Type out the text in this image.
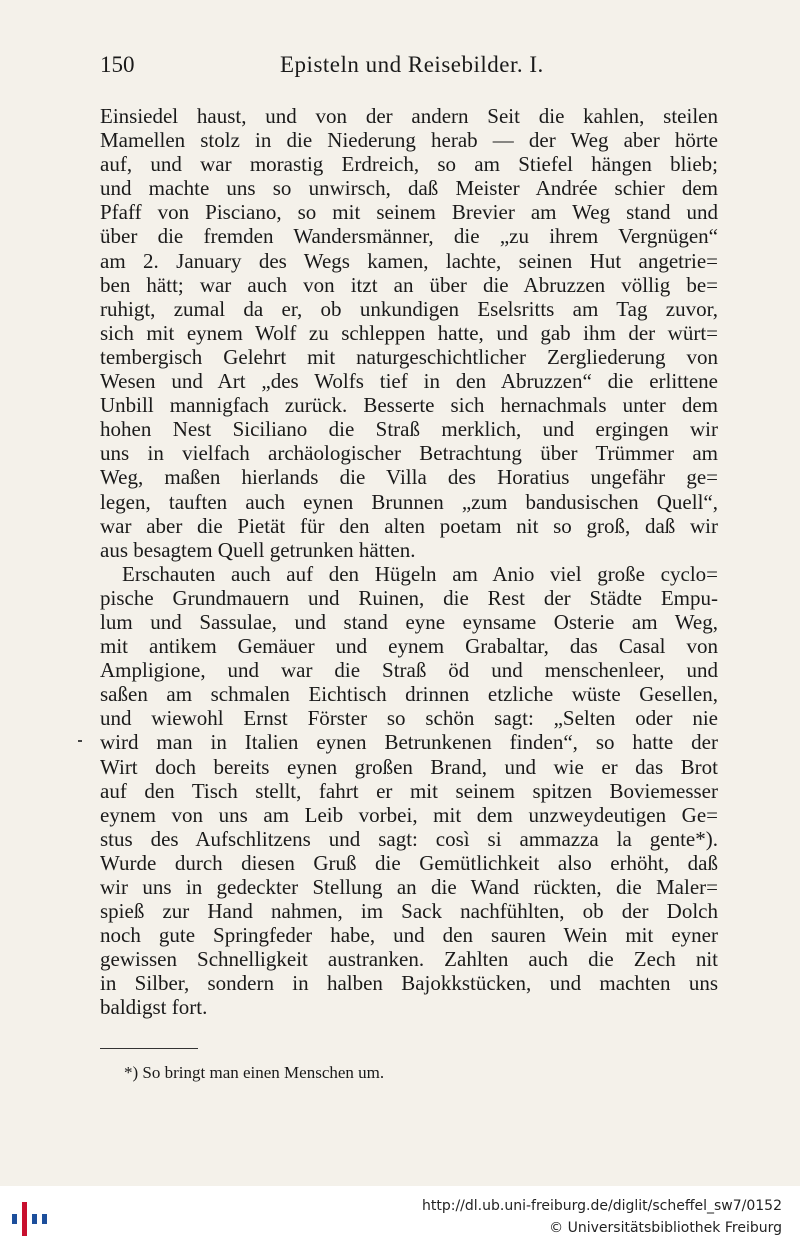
150	Episteln und Reisebilder. I.
Einsiedel haust, und von der andern Seit die kahlen, steilen
Mamellen stolz in die Niederung herab — der Weg aber hörte
auf, und war morastig Erdreich, so am Stiefel hängen blieb;
und machte uns so unwirsch, daß Meister Andrée schier dem
Pfaff von Pisciano, so mit seinem Brevier am Weg stand und
über die fremden Wandersmänner, die „zu ihrem Vergnügen“
am 2. January des Wegs kamen, lachte, seinen Hut angetrie=
ben hätt; war auch von itzt an über die Abruzzen völlig be=
ruhigt, zumal da er, ob unkundigen Eselsritts am Tag zuvor,
sich mit eynem Wolf zu schleppen hatte, und gab ihm der würt=
tembergisch Gelehrt mit naturgeschichtlicher Zergliederung von
Wesen und Art „des Wolfs tief in den Abruzzen“ die erlittene
Unbill mannigfach zurück. Besserte sich hernachmals unter dem
hohen Nest Siciliano die Straß merklich, und ergingen wir
uns in vielfach archäologischer Betrachtung über Trümmer am
Weg, maßen hierlands die Villa des Horatius ungefähr ge=
legen, tauften auch eynen Brunnen „zum bandusischen Quell“,
war aber die Pietät für den alten poetam nit so groß, daß wir
aus besagtem Quell getrunken hätten.
Erschauten auch auf den Hügeln am Anio viel große cyclo=
pische Grundmauern und Ruinen, die Rest der Städte Empu-
lum und Sassulae, und stand eyne eynsame Osterie am Weg,
mit antikem Gemäuer und eynem Grabaltar, das Casal von
Ampligione, und war die Straß öd und menschenleer, und
saßen am schmalen Eichtisch drinnen etzliche wüste Gesellen,
und wiewohl Ernst Förster so schön sagt: „Selten oder nie
wird man in Italien eynen Betrunkenen finden“, so hatte der
Wirt doch bereits eynen großen Brand, und wie er das Brot
auf den Tisch stellt, fahrt er mit seinem spitzen Boviemesser
eynem von uns am Leib vorbei, mit dem unzweydeutigen Ge=
stus des Aufschlitzens und sagt: così si ammazza la gente*).
Wurde durch diesen Gruß die Gemütlichkeit also erhöht, daß
wir uns in gedeckter Stellung an die Wand rückten, die Maler=
spieß zur Hand nahmen, im Sack nachfühlten, ob der Dolch
noch gute Springfeder habe, und den sauren Wein mit eyner
gewissen Schnelligkeit austranken. Zahlten auch die Zech nit
in Silber, sondern in halben Bajokkstücken, und machten uns
baldigst fort.
*) So bringt man einen Menschen um.
http://dl.ub.uni-freiburg.de/diglit/scheffel_sw7/0152
© Universitätsbibliothek Freiburg
